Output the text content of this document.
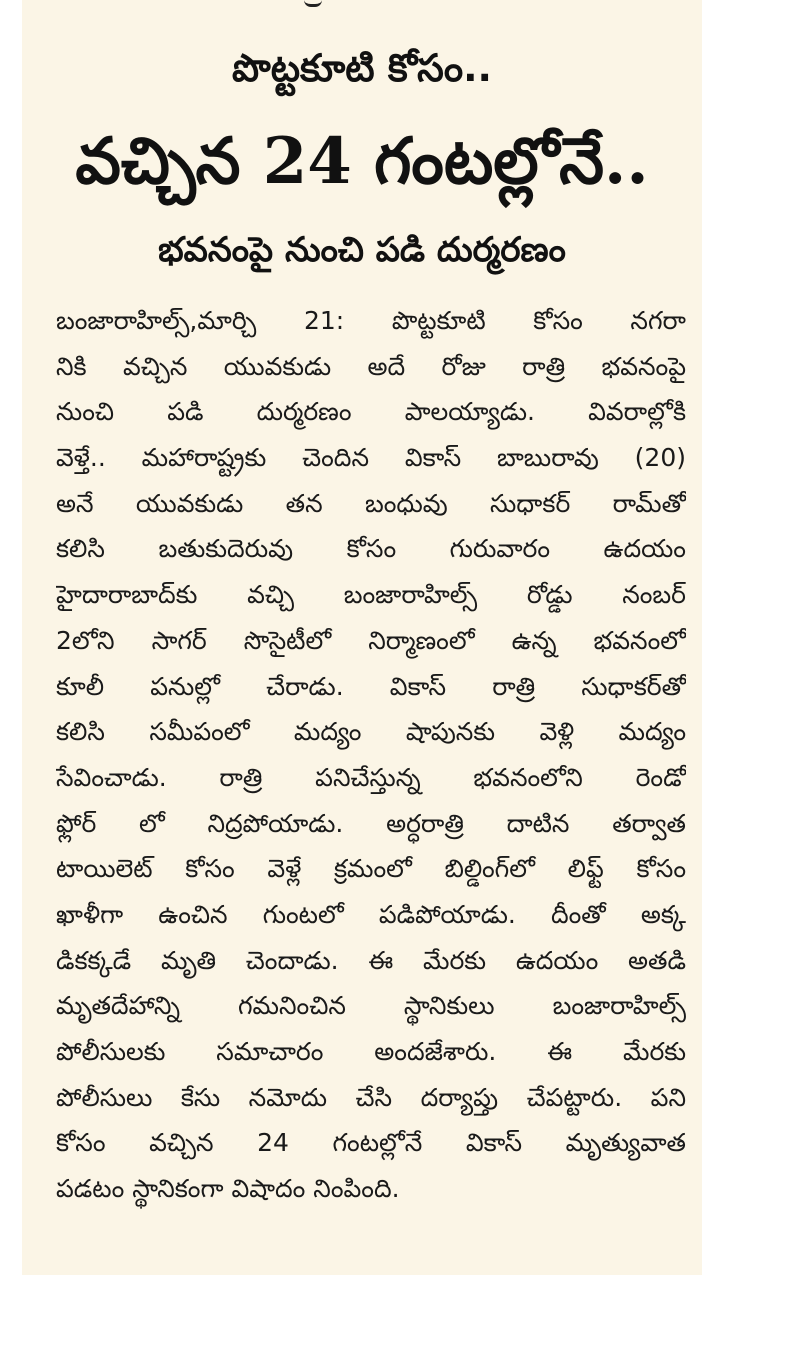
పొట్టకూటి కోసం..
వచ్చిన 24 గంటల్లోనే..
భవనంపై నుంచి పడి దుర్మరణం
బంజారాహిల్స్,మార్చి 21: పొట్టకూటి కోసం నగరా
నికి వచ్చిన యువకుడు అదే రోజు రాత్రి భవనంపై
నుంచి పడి దుర్మరణం పాలయ్యాడు. వివరాల్లోకి
వెళ్తే.. మహారాష్ట్రకు చెందిన వికాస్ బాబురావు (20)
అనే యువకుడు తన బంధువు సుధాకర్ రామ్‌తో
కలిసి బతుకుదెరువు కోసం గురువారం ఉదయం
హైదారాబాద్‌కు వచ్చి బంజారాహిల్స్ రోడ్డు నంబర్
2లోని సాగర్ సొసైటీలో నిర్మాణంలో ఉన్న భవనంలో
కూలీ పనుల్లో చేరాడు. వికాస్ రాత్రి సుధాకర్‌తో
కలిసి సమీపంలో మద్యం షాపునకు వెళ్లి మద్యం
సేవించాడు. రాత్రి పనిచేస్తున్న భవనంలోని రెండో
ఫ్లోర్ లో నిద్రపోయాడు. అర్ధరాత్రి దాటిన తర్వాత
టాయిలెట్ కోసం వెళ్లే క్రమంలో బిల్డింగ్‌లో లిఫ్ట్ కోసం
ఖాళీగా ఉంచిన గుంటలో పడిపోయాడు. దీంతో అక్క
డికక్కడే మృతి చెందాడు. ఈ మేరకు ఉదయం అతడి
మృతదేహాన్ని గమనించిన స్థానికులు బంజారాహిల్స్
పోలీసులకు సమాచారం అందజేశారు. ఈ మేరకు
పోలీసులు కేసు నమోదు చేసి దర్యాప్తు చేపట్టారు. పని
కోసం వచ్చిన 24 గంటల్లోనే వికాస్ మృత్యువాత
పడటం స్థానికంగా విషాదం నింపింది.
